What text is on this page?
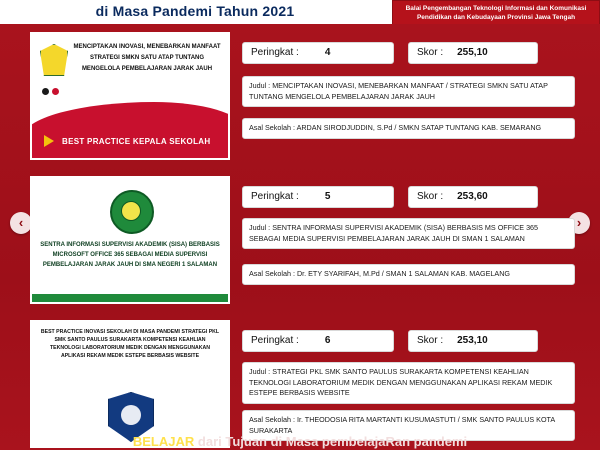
di Masa Pandemi Tahun 2021	Balai Pengembangan Teknologi Informasi dan Komunikasi
Pendidikan dan Kebudayaan Provinsi Jawa Tengah
‹	›
MENCIPTAKAN INOVASI, MENEBARKAN MANFAAT STRATEGI SMKN SATU ATAP TUNTANG MENGELOLA PEMBELAJARAN JARAK JAUH
BEST PRACTICE KEPALA SEKOLAH
Peringkat :	4	Skor : 255,10
Judul : MENCIPTAKAN INOVASI, MENEBARKAN MANFAAT / STRATEGI SMKN SATU ATAP TUNTANG MENGELOLA PEMBELAJARAN JARAK JAUH
Asal Sekolah : ARDAN SIRODJUDDIN, S.Pd / SMKN SATAP TUNTANG KAB. SEMARANG
SENTRA INFORMASI SUPERVISI AKADEMIK (SISA) BERBASIS MICROSOFT OFFICE 365 SEBAGAI MEDIA SUPERVISI PEMBELAJARAN JARAK JAUH DI SMA NEGERI 1 SALAMAN
Peringkat :	5	Skor : 253,60
Judul : SENTRA INFORMASI SUPERVISI AKADEMIK (SISA) BERBASIS MS OFFICE 365 SEBAGAI MEDIA SUPERVISI PEMBELAJARAN JARAK JAUH DI SMAN 1 SALAMAN
Asal Sekolah : Dr. ETY SYARIFAH, M.Pd / SMAN 1 SALAMAN KAB. MAGELANG
BEST PRACTICE INOVASI SEKOLAH DI MASA PANDEMI STRATEGI PKL SMK SANTO PAULUS SURAKARTA KOMPETENSI KEAHLIAN TEKNOLOGI LABORATORIUM MEDIK DENGAN MENGGUNAKAN APLIKASI REKAM MEDIK ESTEPE BERBASIS WEBSITE
Peringkat :	6	Skor : 253,10
Judul : STRATEGI PKL SMK SANTO PAULUS SURAKARTA KOMPETENSI KEAHLIAN TEKNOLOGI LABORATORIUM MEDIK DENGAN MENGGUNAKAN APLIKASI REKAM MEDIK ESTEPE BERBASIS WEBSITE
Asal Sekolah : Ir. THEODOSIA RITA MARTANTI KUSUMASTUTI / SMK SANTO PAULUS KOTA SURAKARTA
BELAJAR dari Tujuan di Masa pembelajaRan pandemi
